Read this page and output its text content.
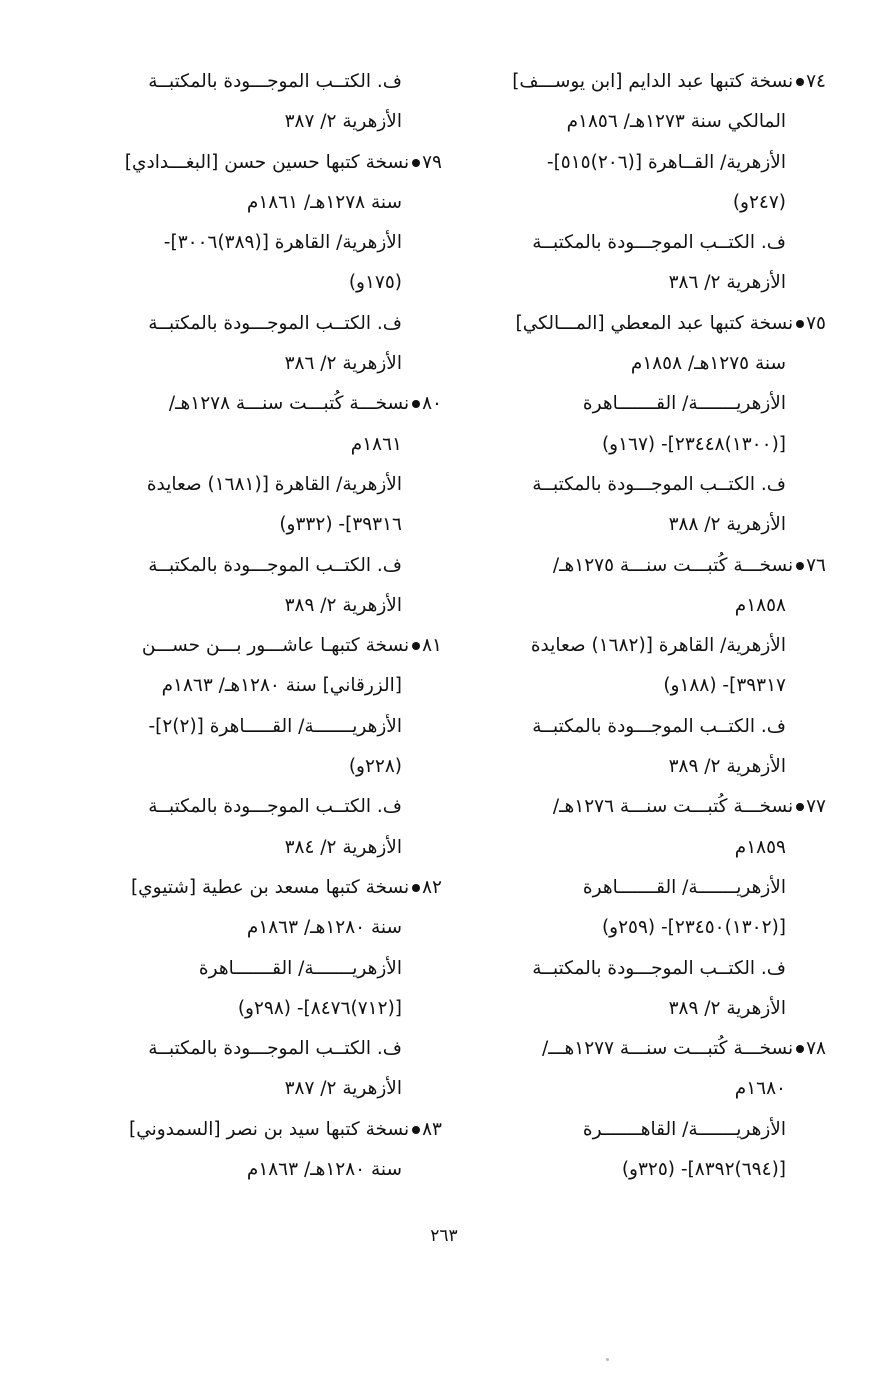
٧٤نسخة كتبها عبد الدايم [ابن يوســـف]
المالكي سنة ١٢٧٣هـ/ ١٨٥٦م
الأزهرية/ القــاهرة [(٢٠٦)٥١٥]-
(٢٤٧و)
ف. الكتــب الموجـــودة بالمكتبــة
الأزهرية ٢/ ٣٨٦
٧٥نسخة كتبها عبد المعطي [المـــالكي]
سنة ١٢٧٥هـ/ ١٨٥٨م
الأزهريـــــــة/ القـــــــاهرة
[(١٣٠٠)٢٣٤٤٨]- (١٦٧و)
ف. الكتــب الموجـــودة بالمكتبــة
الأزهرية ٢/ ٣٨٨
٧٦نسخـــة كُتبـــت سنـــة ١٢٧٥هـ/
١٨٥٨م
الأزهرية/ القاهرة [(١٦٨٢) صعايدة
٣٩٣١٧]- (١٨٨و)
ف. الكتــب الموجـــودة بالمكتبــة
الأزهرية ٢/ ٣٨٩
٧٧نسخـــة كُتبـــت سنـــة ١٢٧٦هـ/
١٨٥٩م
الأزهريـــــــة/ القـــــــاهرة
[(١٣٠٢)٢٣٤٥٠]- (٢٥٩و)
ف. الكتــب الموجـــودة بالمكتبــة
الأزهرية ٢/ ٣٨٩
٧٨نسخـــة كُتبـــت سنـــة ١٢٧٧هـــ/
١٦٨٠م
الأزهريـــــــة/ القاهـــــــرة
[(٦٩٤)٨٣٩٢]- (٣٢٥و)
ف. الكتــب الموجـــودة بالمكتبــة
الأزهرية ٢/ ٣٨٧
٧٩نسخة كتبها حسين حسن [البغـــدادي]
سنة ١٢٧٨هـ/ ١٨٦١م
الأزهرية/ القاهرة [(٣٨٩)٣٠٠٦]-
(١٧٥و)
ف. الكتــب الموجـــودة بالمكتبــة
الأزهرية ٢/ ٣٨٦
٨٠نسخـــة كُتبـــت سنـــة ١٢٧٨هـ/
١٨٦١م
الأزهرية/ القاهرة [(١٦٨١) صعايدة
٣٩٣١٦]- (٣٣٢و)
ف. الكتــب الموجـــودة بالمكتبــة
الأزهرية ٢/ ٣٨٩
٨١نسخة كتبهـا عاشـــور بـــن حســـن
[الزرقاني] سنة ١٢٨٠هـ/ ١٨٦٣م
الأزهريـــــــة/ القـــــاهرة [(٢)٢]-
(٢٢٨و)
ف. الكتــب الموجـــودة بالمكتبــة
الأزهرية ٢/ ٣٨٤
٨٢نسخة كتبها مسعد بن عطية [شتيوي]
سنة ١٢٨٠هـ/ ١٨٦٣م
الأزهريـــــــة/ القـــــــاهرة
[(٧١٢)٨٤٧٦]- (٢٩٨و)
ف. الكتــب الموجـــودة بالمكتبــة
الأزهرية ٢/ ٣٨٧
٨٣نسخة كتبها سيد بن نصر [السمدوني]
سنة ١٢٨٠هـ/ ١٨٦٣م
٢٦٣
